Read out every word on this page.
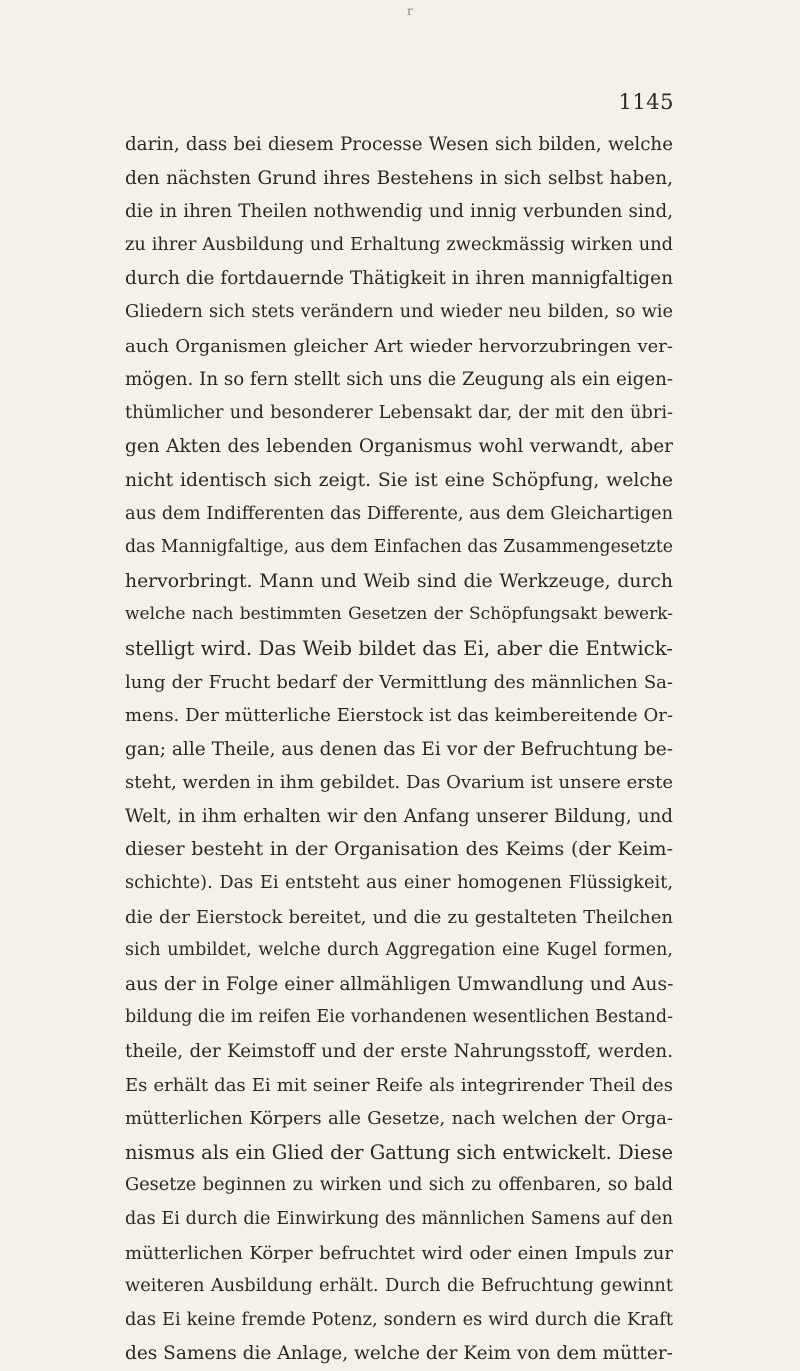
r
1145
darin, dass bei diesem Processe Wesen sich bilden, welche
den nächsten Grund ihres Bestehens in sich selbst haben,
die in ihren Theilen nothwendig und innig verbunden sind,
zu ihrer Ausbildung und Erhaltung zweckmässig wirken und
durch die fortdauernde Thätigkeit in ihren mannigfaltigen
Gliedern sich stets verändern und wieder neu bilden, so wie
auch Organismen gleicher Art wieder hervorzubringen ver-
mögen. In so fern stellt sich uns die Zeugung als ein eigen-
thümlicher und besonderer Lebensakt dar, der mit den übri-
gen Akten des lebenden Organismus wohl verwandt, aber
nicht identisch sich zeigt. Sie ist eine Schöpfung, welche
aus dem Indifferenten das Differente, aus dem Gleichartigen
das Mannigfaltige, aus dem Einfachen das Zusammengesetzte
hervorbringt. Mann und Weib sind die Werkzeuge, durch
welche nach bestimmten Gesetzen der Schöpfungsakt bewerk-
stelligt wird. Das Weib bildet das Ei, aber die Entwick-
lung der Frucht bedarf der Vermittlung des männlichen Sa-
mens. Der mütterliche Eierstock ist das keimbereitende Or-
gan; alle Theile, aus denen das Ei vor der Befruchtung be-
steht, werden in ihm gebildet. Das Ovarium ist unsere erste
Welt, in ihm erhalten wir den Anfang unserer Bildung, und
dieser besteht in der Organisation des Keims (der Keim-
schichte). Das Ei entsteht aus einer homogenen Flüssigkeit,
die der Eierstock bereitet, und die zu gestalteten Theilchen
sich umbildet, welche durch Aggregation eine Kugel formen,
aus der in Folge einer allmähligen Umwandlung und Aus-
bildung die im reifen Eie vorhandenen wesentlichen Bestand-
theile, der Keimstoff und der erste Nahrungsstoff, werden.
Es erhält das Ei mit seiner Reife als integrirender Theil des
mütterlichen Körpers alle Gesetze, nach welchen der Orga-
nismus als ein Glied der Gattung sich entwickelt. Diese
Gesetze beginnen zu wirken und sich zu offenbaren, so bald
das Ei durch die Einwirkung des männlichen Samens auf den
mütterlichen Körper befruchtet wird oder einen Impuls zur
weiteren Ausbildung erhält. Durch die Befruchtung gewinnt
das Ei keine fremde Potenz, sondern es wird durch die Kraft
des Samens die Anlage, welche der Keim von dem mütter-
